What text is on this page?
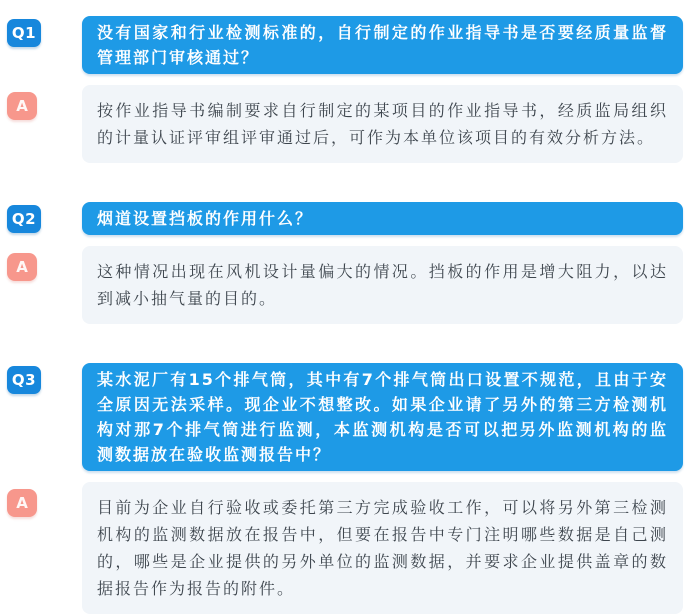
Q1	没有国家和行业检测标准的，自行制定的作业指导书是否要经质量监督管理部门审核通过？
A	按作业指导书编制要求自行制定的某项目的作业指导书，经质监局组织的计量认证评审组评审通过后，可作为本单位该项目的有效分析方法。
Q2	烟道设置挡板的作用什么？
A	这种情况出现在风机设计量偏大的情况。挡板的作用是增大阻力，以达到减小抽气量的目的。
Q3	某水泥厂有15个排气筒，其中有7个排气筒出口设置不规范，且由于安全原因无法采样。现企业不想整改。如果企业请了另外的第三方检测机构对那7个排气筒进行监测，本监测机构是否可以把另外监测机构的监测数据放在验收监测报告中？
A	目前为企业自行验收或委托第三方完成验收工作，可以将另外第三检测机构的监测数据放在报告中，但要在报告中专门注明哪些数据是自己测的，哪些是企业提供的另外单位的监测数据，并要求企业提供盖章的数据报告作为报告的附件。
